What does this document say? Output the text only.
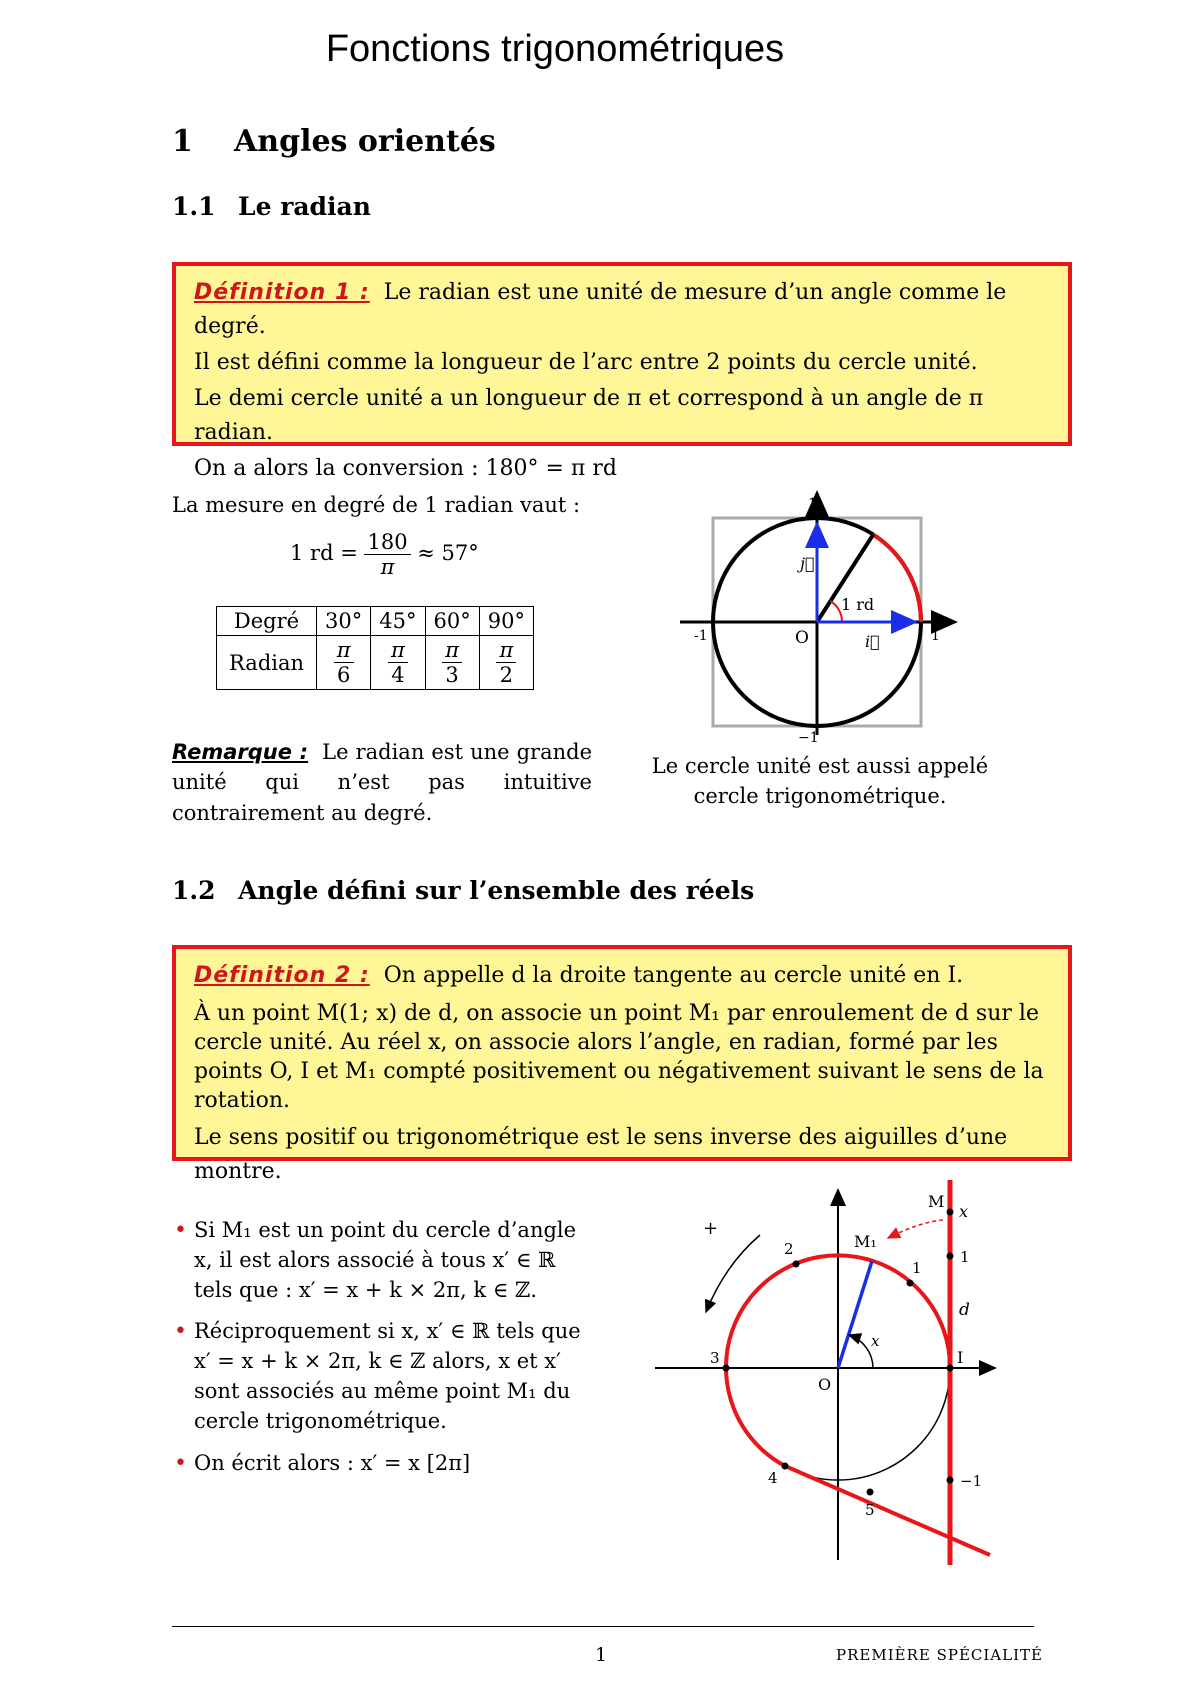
Fonctions trigonométriques
1 Angles orientés
1.1 Le radian
Définition 1 : Le radian est une unité de mesure d’un angle comme le degré.
Il est défini comme la longueur de l’arc entre 2 points du cercle unité.
Le demi cercle unité a un longueur de π et correspond à un angle de π radian.
On a alors la conversion : 180° = π rd
La mesure en degré de 1 radian vaut :
1 rd = $\frac{180}{\pi} \approx 57^\circ$
Degré	30°	45°	60°	90°
Radian	$\frac{\pi}{6}$	$\frac{\pi}{4}$	$\frac{\pi}{3}$	$\frac{\pi}{2}$
Remarque : Le radian est une grande unité qui n’est pas intuitive contrairement au degré.
1
−1
-1	1
O	i⃗
j⃗
1 rd
Le cercle unité est aussi appelé
cercle trigonométrique.
1.2 Angle défini sur l’ensemble des réels
Définition 2 : On appelle d la droite tangente au cercle unité en I.
À un point M(1; x) de d, on associe un point M₁ par enroulement de d sur le cercle unité. Au réel x, on associe alors l’angle, en radian, formé par les points O, I et M₁ compté positivement ou négativement suivant le sens de la rotation.
Le sens positif ou trigonométrique est le sens inverse des aiguilles d’une montre.
• Si M₁ est un point du cercle d’angle x, il est alors associé à tous x′ ∈ ℝ tels que : x′ = x + k × 2π, k ∈ ℤ.
• Réciproquement si x, x′ ∈ ℝ tels que x′ = x + k × 2π, k ∈ ℤ alors, x et x′ sont associés au même point M₁ du cercle trigonométrique.
• On écrit alors : x′ = x [2π]
+
M
x
M₁
1
d
I
O
−1
x
1
2
3
4
5
1	PREMIÈRE SPÉCIALITÉ
